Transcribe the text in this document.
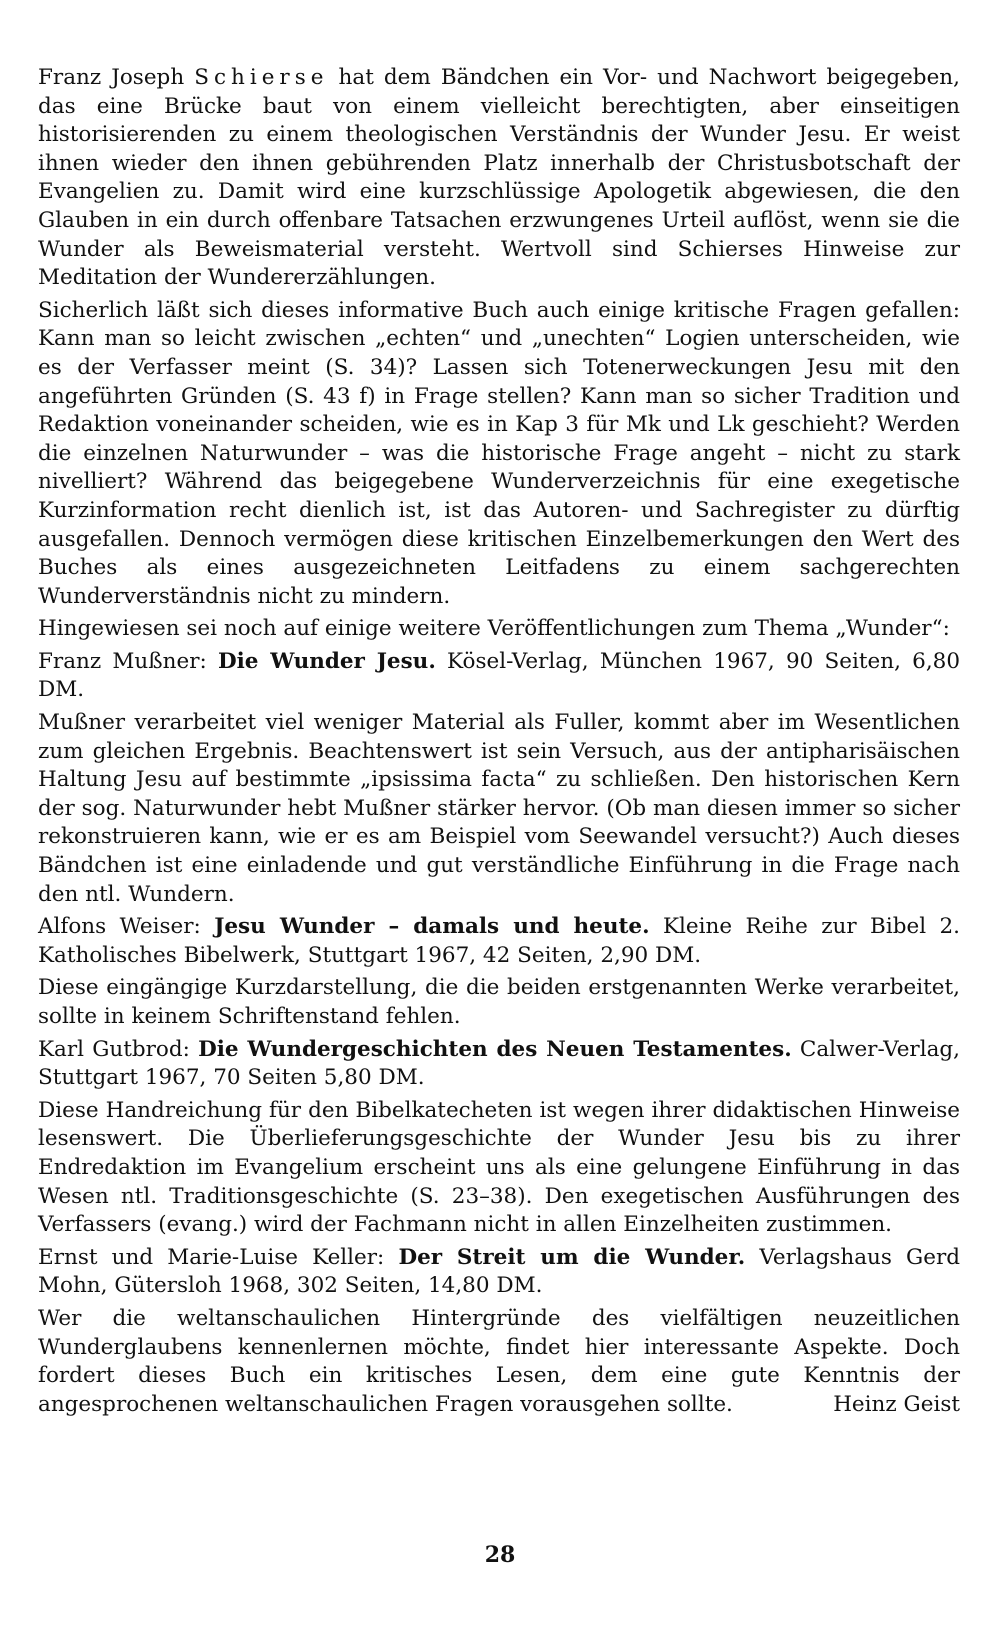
Franz Joseph Schierse hat dem Bändchen ein Vor- und Nachwort beigegeben, das eine Brücke baut von einem vielleicht berechtigten, aber einseitigen historisierenden zu einem theologischen Verständnis der Wunder Jesu. Er weist ihnen wieder den ihnen gebührenden Platz innerhalb der Christusbotschaft der Evangelien zu. Damit wird eine kurzschlüssige Apologetik abgewiesen, die den Glauben in ein durch offenbare Tatsachen erzwungenes Urteil auflöst, wenn sie die Wunder als Beweismaterial versteht. Wertvoll sind Schierses Hinweise zur Meditation der Wundererzählungen.

Sicherlich läßt sich dieses informative Buch auch einige kritische Fragen gefallen: Kann man so leicht zwischen „echten“ und „unechten“ Logien unterscheiden, wie es der Verfasser meint (S. 34)? Lassen sich Totenerweckungen Jesu mit den angeführten Gründen (S. 43 f) in Frage stellen? Kann man so sicher Tradition und Redaktion voneinander scheiden, wie es in Kap 3 für Mk und Lk geschieht? Werden die einzelnen Naturwunder – was die historische Frage angeht – nicht zu stark nivelliert? Während das beigegebene Wunderverzeichnis für eine exegetische Kurzinformation recht dienlich ist, ist das Autoren- und Sachregister zu dürftig ausgefallen. Dennoch vermögen diese kritischen Einzelbemerkungen den Wert des Buches als eines ausgezeichneten Leitfadens zu einem sachgerechten Wunderverständnis nicht zu mindern.

Hingewiesen sei noch auf einige weitere Veröffentlichungen zum Thema „Wunder“:

Franz Mußner: Die Wunder Jesu. Kösel-Verlag, München 1967, 90 Seiten, 6,80 DM.

Mußner verarbeitet viel weniger Material als Fuller, kommt aber im Wesentlichen zum gleichen Ergebnis. Beachtenswert ist sein Versuch, aus der antipharisäischen Haltung Jesu auf bestimmte „ipsissima facta“ zu schließen. Den historischen Kern der sog. Naturwunder hebt Mußner stärker hervor. (Ob man diesen immer so sicher rekonstruieren kann, wie er es am Beispiel vom Seewandel versucht?) Auch dieses Bändchen ist eine einladende und gut verständliche Einführung in die Frage nach den ntl. Wundern.

Alfons Weiser: Jesu Wunder – damals und heute. Kleine Reihe zur Bibel 2. Katholisches Bibelwerk, Stuttgart 1967, 42 Seiten, 2,90 DM.

Diese eingängige Kurzdarstellung, die die beiden erstgenannten Werke verarbeitet, sollte in keinem Schriftenstand fehlen.

Karl Gutbrod: Die Wundergeschichten des Neuen Testamentes. Calwer-Verlag, Stuttgart 1967, 70 Seiten 5,80 DM.

Diese Handreichung für den Bibelkatecheten ist wegen ihrer didaktischen Hinweise lesenswert. Die Überlieferungsgeschichte der Wunder Jesu bis zu ihrer Endredaktion im Evangelium erscheint uns als eine gelungene Einführung in das Wesen ntl. Traditionsgeschichte (S. 23–38). Den exegetischen Ausführungen des Verfassers (evang.) wird der Fachmann nicht in allen Einzelheiten zustimmen.

Ernst und Marie-Luise Keller: Der Streit um die Wunder. Verlagshaus Gerd Mohn, Gütersloh 1968, 302 Seiten, 14,80 DM.

Wer die weltanschaulichen Hintergründe des vielfältigen neuzeitlichen Wunderglaubens kennenlernen möchte, findet hier interessante Aspekte. Doch fordert dieses Buch ein kritisches Lesen, dem eine gute Kenntnis der angesprochenen weltanschaulichen Fragen vorausgehen sollte.	Heinz Geist

28
